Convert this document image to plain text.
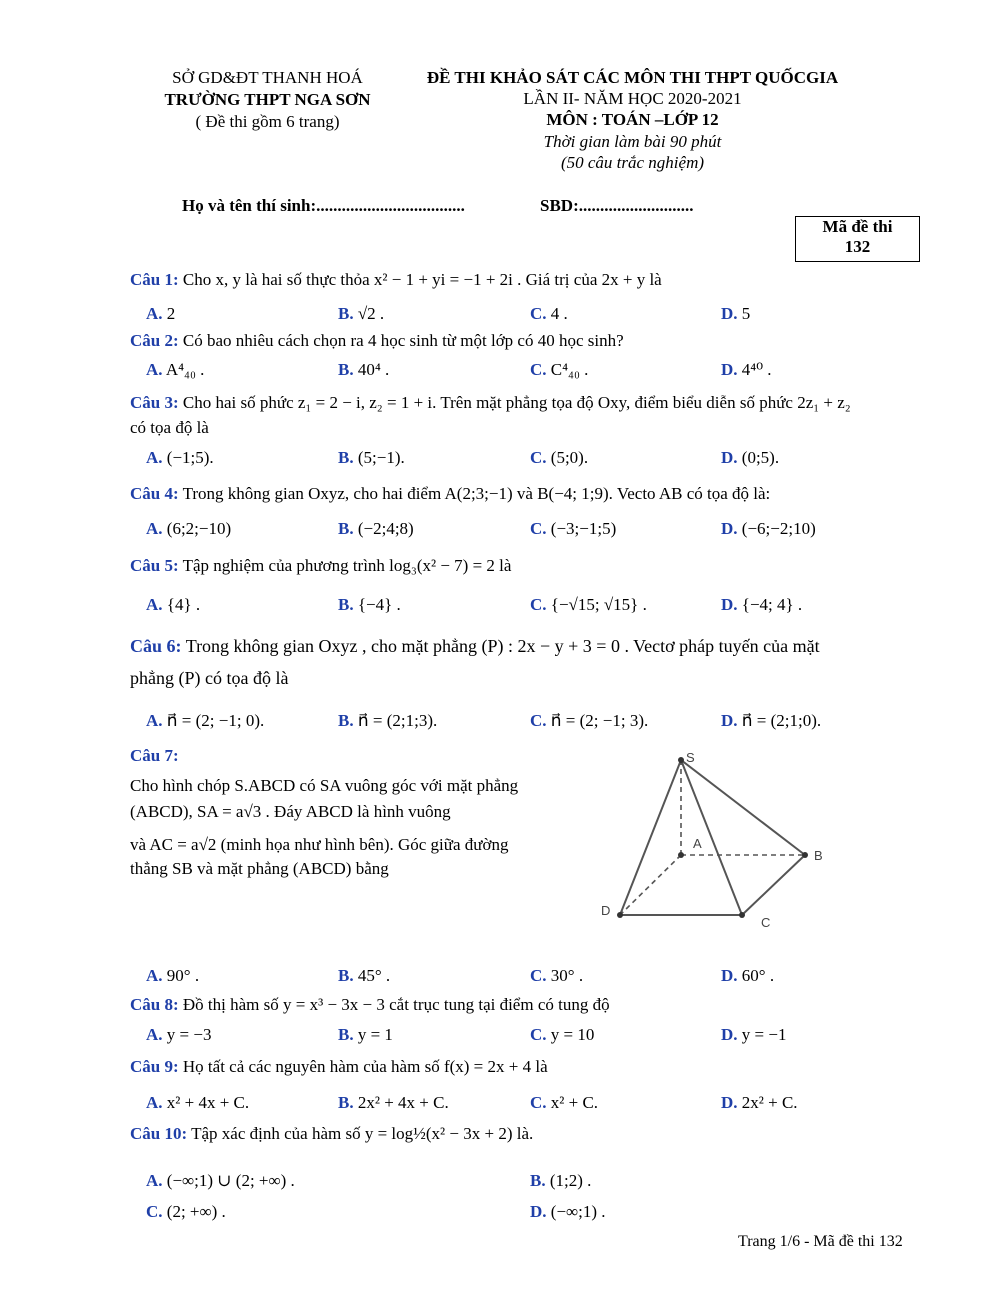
SỞ GD&ĐT THANH HOÁ
TRƯỜNG THPT NGA SƠN
( Đề thi gồm 6 trang)
ĐỀ THI KHẢO SÁT CÁC MÔN THI THPT QUỐCGIA
LẦN II- NĂM HỌC 2020-2021
MÔN : TOÁN –LỚP 12
Thời gian làm bài 90 phút
(50 câu trắc nghiệm)
Họ và tên thí sinh:...................................	SBD:...........................
Mã đề thi
132
Câu 1: Cho x, y là hai số thực thỏa x² − 1 + yi = −1 + 2i . Giá trị của 2x + y là
A. 2	B. √2 .	C. 4 .	D. 5
Câu 2: Có bao nhiêu cách chọn ra 4 học sinh từ một lớp có 40 học sinh?
A. A⁴₄₀ .	B. 40⁴ .	C. C⁴₄₀ .	D. 4⁴⁰ .
Câu 3: Cho hai số phức z₁ = 2 − i, z₂ = 1 + i. Trên mặt phẳng tọa độ Oxy, điểm biểu diễn số phức 2z₁ + z₂
có tọa độ là
A. (−1;5).	B. (5;−1).	C. (5;0).	D. (0;5).
Câu 4: Trong không gian Oxyz, cho hai điểm A(2;3;−1) và B(−4; 1;9). Vecto AB có tọa độ là:
A. (6;2;−10)	B. (−2;4;8)	C. (−3;−1;5)	D. (−6;−2;10)
Câu 5: Tập nghiệm của phương trình log₃(x² − 7) = 2 là
A. {4} .	B. {−4} .	C. {−√15; √15} .	D. {−4; 4} .
Câu 6: Trong không gian Oxyz , cho mặt phẳng (P) : 2x − y + 3 = 0 . Vectơ pháp tuyến của mặt
phẳng (P) có tọa độ là
A. n⃗ = (2; −1; 0).	B. n⃗ = (2;1;3).	C. n⃗ = (2; −1; 3).	D. n⃗ = (2;1;0).
Câu 7:
Cho hình chóp S.ABCD có SA vuông góc với mặt phẳng
(ABCD), SA = a√3 . Đáy ABCD là hình vuông
và AC = a√2 (minh họa như hình bên). Góc giữa đường
thẳng SB và mặt phẳng (ABCD) bằng
S
A
B
C
D
A. 90° .	B. 45° .	C. 30° .	D. 60° .
Câu 8: Đồ thị hàm số y = x³ − 3x − 3 cắt trục tung tại điểm có tung độ
A. y = −3	B. y = 1	C. y = 10	D. y = −1
Câu 9: Họ tất cả các nguyên hàm của hàm số f(x) = 2x + 4 là
A. x² + 4x + C.	B. 2x² + 4x + C.	C. x² + C.	D. 2x² + C.
Câu 10: Tập xác định của hàm số y = log½(x² − 3x + 2) là.
A. (−∞;1) ∪ (2; +∞) .	B. (1;2) .
C. (2; +∞) .	D. (−∞;1) .
Trang 1/6 - Mã đề thi 132
